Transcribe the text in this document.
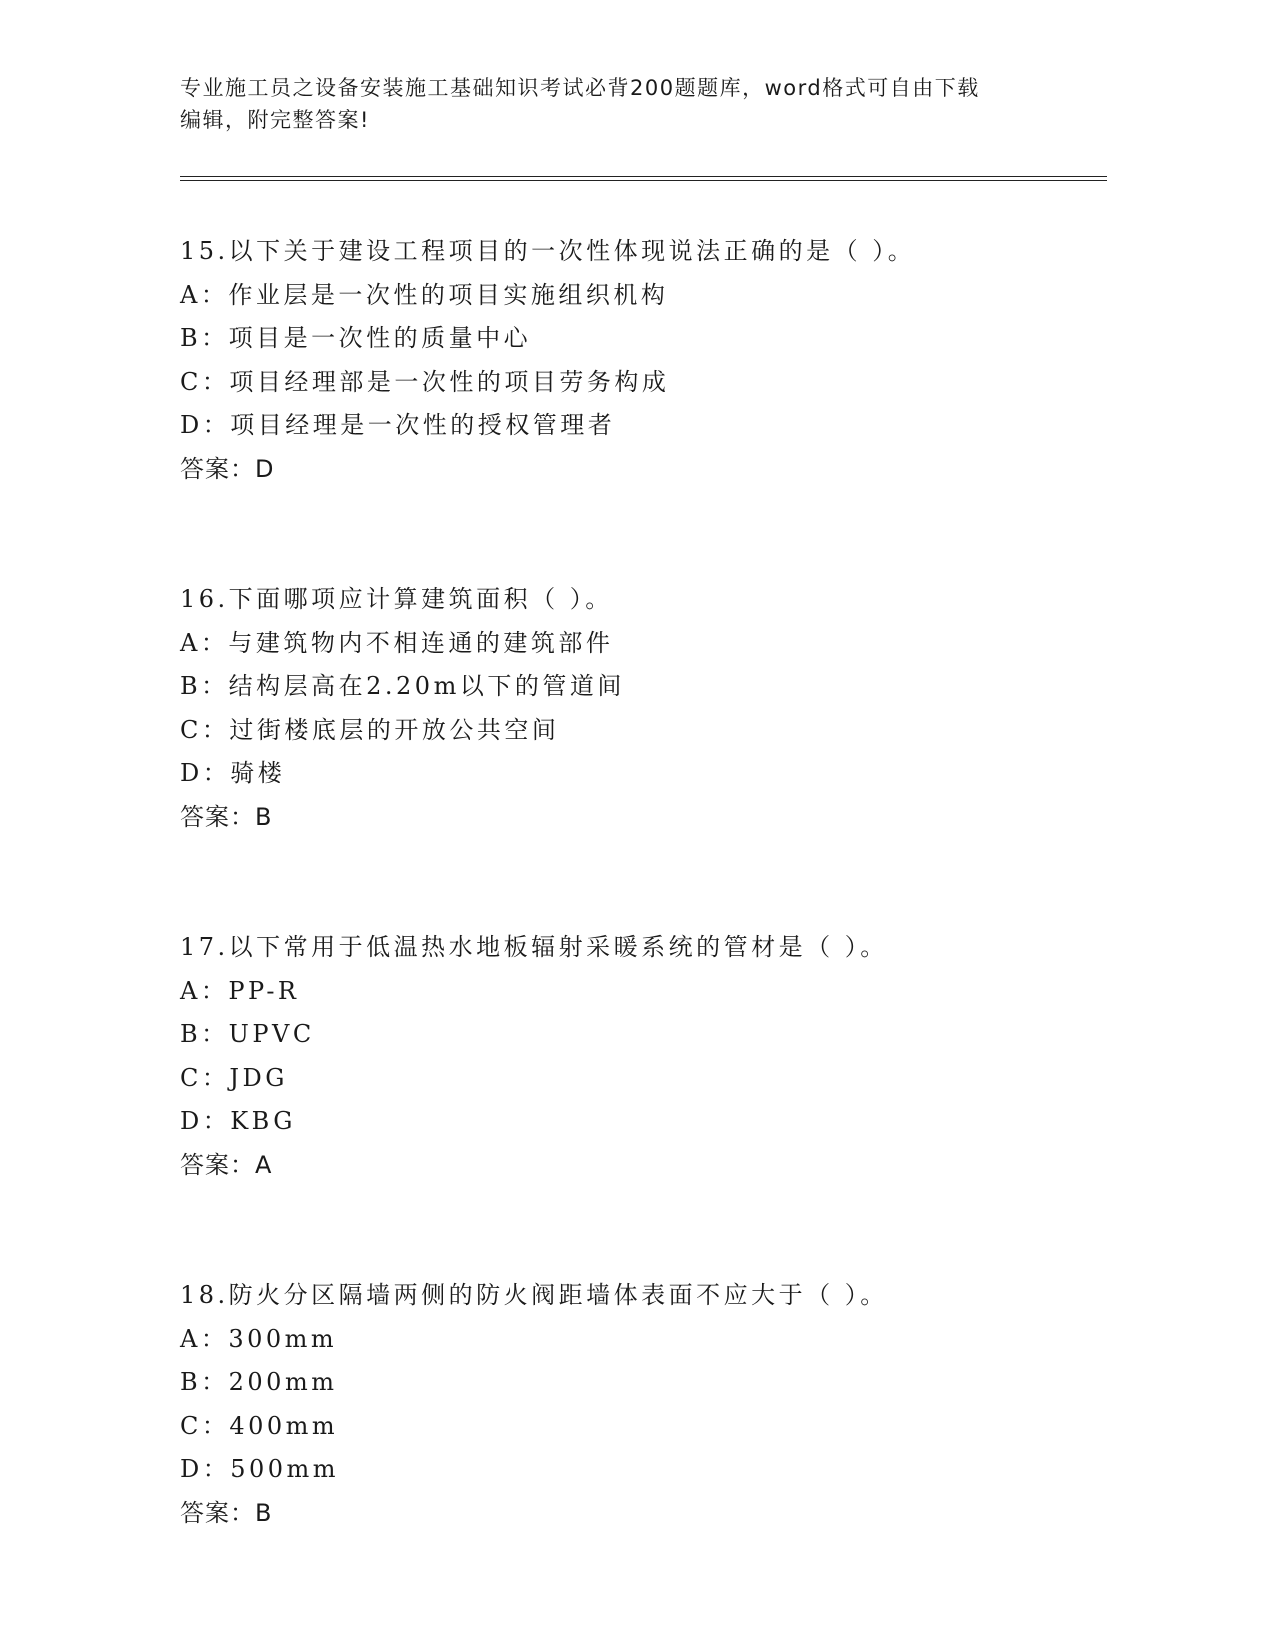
专业施工员之设备安装施工基础知识考试必背200题题库，word格式可自由下载
编辑，附完整答案!
15.以下关于建设工程项目的一次性体现说法正确的是（ ）。
A：作业层是一次性的项目实施组织机构
B：项目是一次性的质量中心
C：项目经理部是一次性的项目劳务构成
D：项目经理是一次性的授权管理者
答案：D
16.下面哪项应计算建筑面积（ ）。
A：与建筑物内不相连通的建筑部件
B：结构层高在2.20m以下的管道间
C：过街楼底层的开放公共空间
D：骑楼
答案：B
17.以下常用于低温热水地板辐射采暖系统的管材是（ ）。
A：PP-R
B：UPVC
C：JDG
D：KBG
答案：A
18.防火分区隔墙两侧的防火阀距墙体表面不应大于（ ）。
A：300mm
B：200mm
C：400mm
D：500mm
答案：B
